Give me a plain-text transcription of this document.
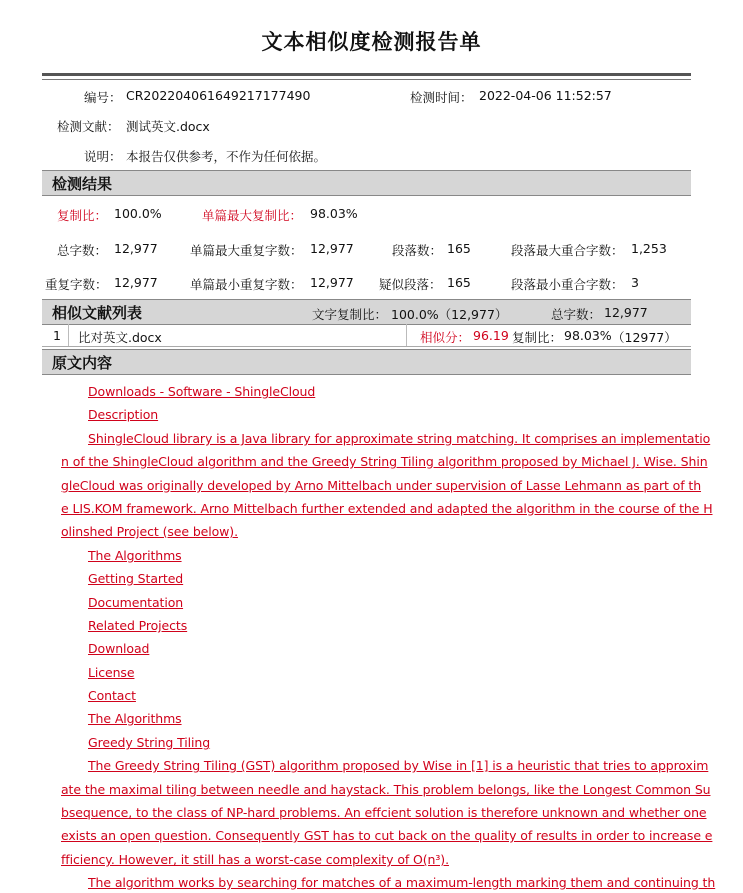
文本相似度检测报告单
编号： CR202204061649217177490	检测时间： 2022-04-06 11:52:57
检测文献： 测试英文.docx
说明： 本报告仅供参考，不作为任何依据。
检测结果
复制比： 100.0%	单篇最大复制比： 98.03%
总字数： 12,977	单篇最大重复字数： 12,977	段落数： 165	段落最大重合字数： 1,253
重复字数： 12,977	单篇最小重复字数： 12,977 疑似段落： 165	段落最小重合字数： 3
相似文献列表	文字复制比： 100.0%（12,977）	总字数： 12,977
1 比对英文.docx	相似分： 96.19 复制比： 98.03% （12977）
原文内容
Downloads - Software - ShingleCloud
Description
ShingleCloud library is a Java library for approximate string matching. It comprises an implementatio
n of the ShingleCloud algorithm and the Greedy String Tiling algorithm proposed by Michael J. Wise. Shin
gleCloud was originally developed by Arno Mittelbach under supervision of Lasse Lehmann as part of th
e LIS.KOM framework. Arno Mittelbach further extended and adapted the algorithm in the course of the H
olinshed Project (see below).
The Algorithms
Getting Started
Documentation
Related Projects
Download
License
Contact
The Algorithms
Greedy String Tiling
The Greedy String Tiling (GST) algorithm proposed by Wise in [1] is a heuristic that tries to approxim
ate the maximal tiling between needle and haystack. This problem belongs, like the Longest Common Su
bsequence, to the class of NP-hard problems. An effcient solution is therefore unknown and whether one
exists an open question. Consequently GST has to cut back on the quality of results in order to increase e
fficiency. However, it still has a worst-case complexity of O(n³).
The algorithm works by searching for matches of a maximum-length marking them and continuing th
